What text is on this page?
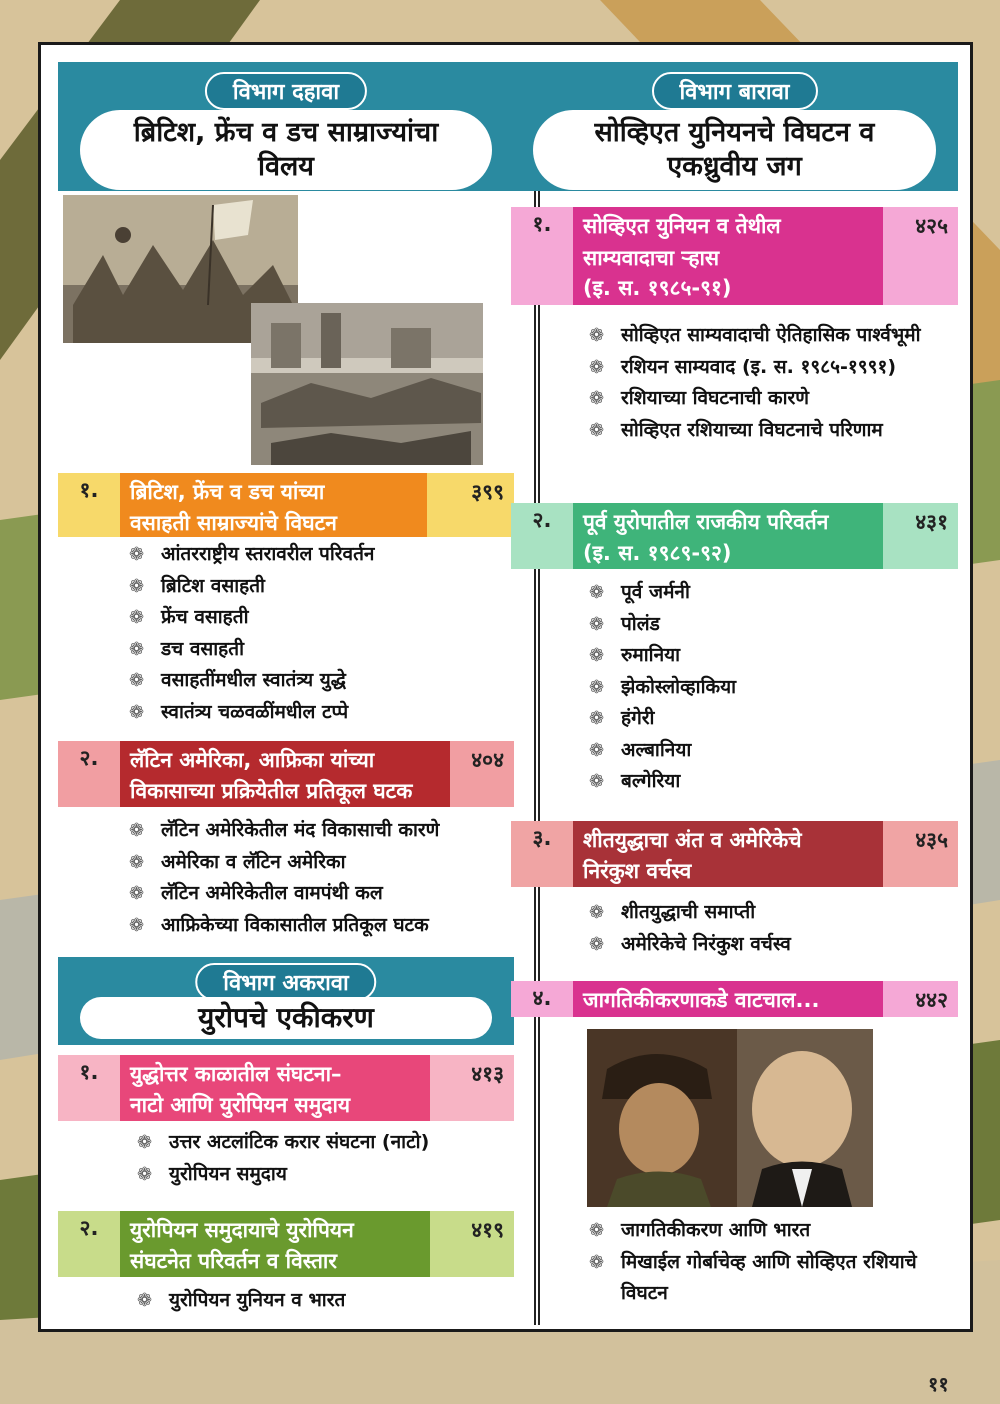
विभाग दहावा
ब्रिटिश, फ्रेंच व डच साम्राज्यांचा
विलय
१.	ब्रिटिश, फ्रेंच व डच यांच्या
वसाहती साम्राज्यांचे विघटन
३९९
❁ आंतरराष्ट्रीय स्तरावरील परिवर्तन
❁ ब्रिटिश वसाहती
❁ फ्रेंच वसाहती
❁ डच वसाहती
❁ वसाहतींमधील स्वातंत्र्य युद्धे
❁ स्वातंत्र्य चळवळींमधील टप्पे
२.	लॅटिन अमेरिका, आफ्रिका यांच्या
विकासाच्या प्रक्रियेतील प्रतिकूल घटक
४०४
❁ लॅटिन अमेरिकेतील मंद विकासाची कारणे
❁ अमेरिका व लॅटिन अमेरिका
❁ लॅटिन अमेरिकेतील वामपंथी कल
❁ आफ्रिकेच्या विकासातील प्रतिकूल घटक
विभाग अकरावा
युरोपचे एकीकरण
१.	युद्धोत्तर काळातील संघटना–
नाटो आणि युरोपियन समुदाय
४१३
❁ उत्तर अटलांटिक करार संघटना (नाटो)
❁ युरोपियन समुदाय
२.	युरोपियन समुदायाचे युरोपियन
संघटनेत परिवर्तन व विस्तार
४१९
❁ युरोपियन युनियन व भारत
विभाग बारावा
सोव्हिएत युनियनचे विघटन व
एकध्रुवीय जग
१.	सोव्हिएत युनियन व तेथील
साम्यवादाचा ऱ्हास
(इ. स. १९८५-९१)
४२५
❁ सोव्हिएत साम्यवादाची ऐतिहासिक पार्श्वभूमी
❁ रशियन साम्यवाद (इ. स. १९८५-१९९१)
❁ रशियाच्या विघटनाची कारणे
❁ सोव्हिएत रशियाच्या विघटनाचे परिणाम
२.	पूर्व युरोपातील राजकीय परिवर्तन
(इ. स. १९८९-९२)
४३१
❁ पूर्व जर्मनी
❁ पोलंड
❁ रुमानिया
❁ झेकोस्लोव्हाकिया
❁ हंगेरी
❁ अल्बानिया
❁ बल्गेरिया
३.	शीतयुद्धाचा अंत व अमेरिकेचे
निरंकुश वर्चस्व
४३५
❁ शीतयुद्धाची समाप्ती
❁ अमेरिकेचे निरंकुश वर्चस्व
४.	जागतिकीकरणाकडे वाटचाल...	४४२
❁ जागतिकीकरण आणि भारत
❁ मिखाईल गोर्बाचेव्ह आणि सोव्हिएत रशियाचे विघटन
११
